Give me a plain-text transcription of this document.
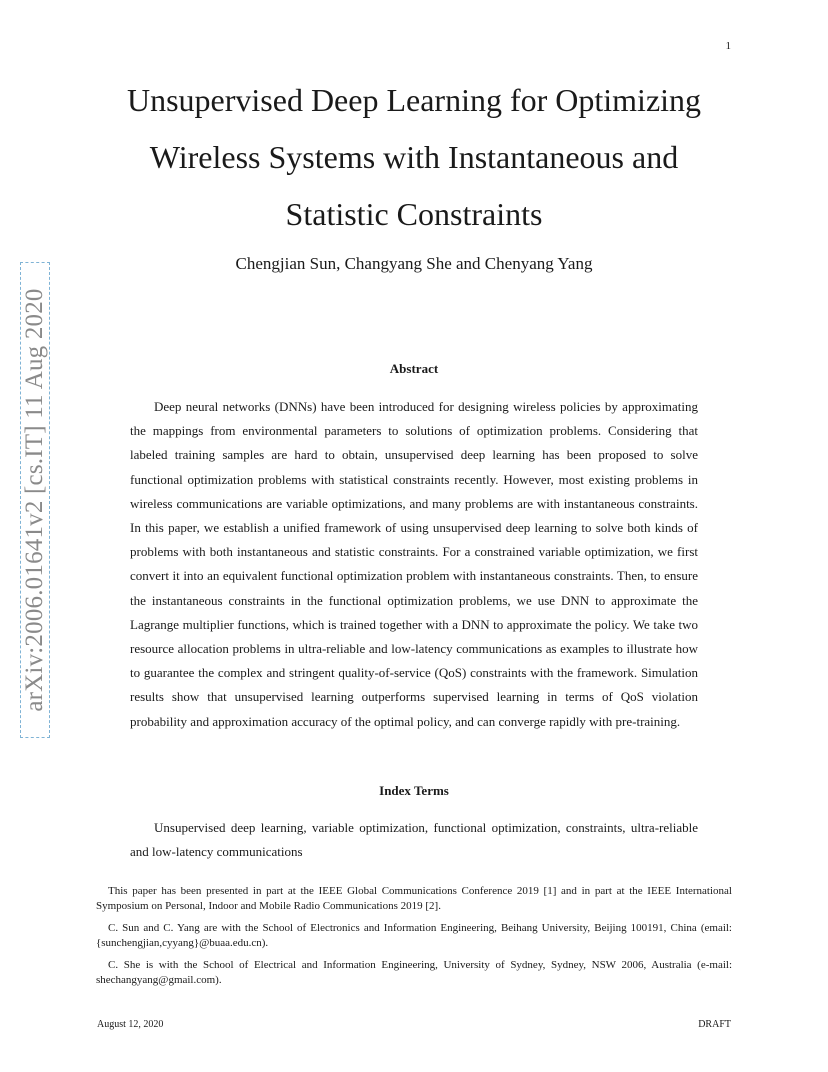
1
arXiv:2006.01641v2 [cs.IT] 11 Aug 2020
Unsupervised Deep Learning for Optimizing Wireless Systems with Instantaneous and Statistic Constraints
Chengjian Sun, Changyang She and Chenyang Yang
Abstract

Deep neural networks (DNNs) have been introduced for designing wireless policies by approximating the mappings from environmental parameters to solutions of optimization problems. Considering that labeled training samples are hard to obtain, unsupervised deep learning has been proposed to solve functional optimization problems with statistical constraints recently. However, most existing problems in wireless communications are variable optimizations, and many problems are with instantaneous constraints. In this paper, we establish a unified framework of using unsupervised deep learning to solve both kinds of problems with both instantaneous and statistic constraints. For a constrained variable optimization, we first convert it into an equivalent functional optimization problem with instantaneous constraints. Then, to ensure the instantaneous constraints in the functional optimization problems, we use DNN to approximate the Lagrange multiplier functions, which is trained together with a DNN to approximate the policy. We take two resource allocation problems in ultra-reliable and low-latency communications as examples to illustrate how to guarantee the complex and stringent quality-of-service (QoS) constraints with the framework. Simulation results show that unsupervised learning outperforms supervised learning in terms of QoS violation probability and approximation accuracy of the optimal policy, and can converge rapidly with pre-training.

Index Terms

Unsupervised deep learning, variable optimization, functional optimization, constraints, ultra-reliable and low-latency communications

This paper has been presented in part at the IEEE Global Communications Conference 2019 [1] and in part at the IEEE International Symposium on Personal, Indoor and Mobile Radio Communications 2019 [2].

C. Sun and C. Yang are with the School of Electronics and Information Engineering, Beihang University, Beijing 100191, China (email:{sunchengjian,cyyang}@buaa.edu.cn).

C. She is with the School of Electrical and Information Engineering, University of Sydney, Sydney, NSW 2006, Australia (e-mail: shechangyang@gmail.com).

August 12, 2020	DRAFT
